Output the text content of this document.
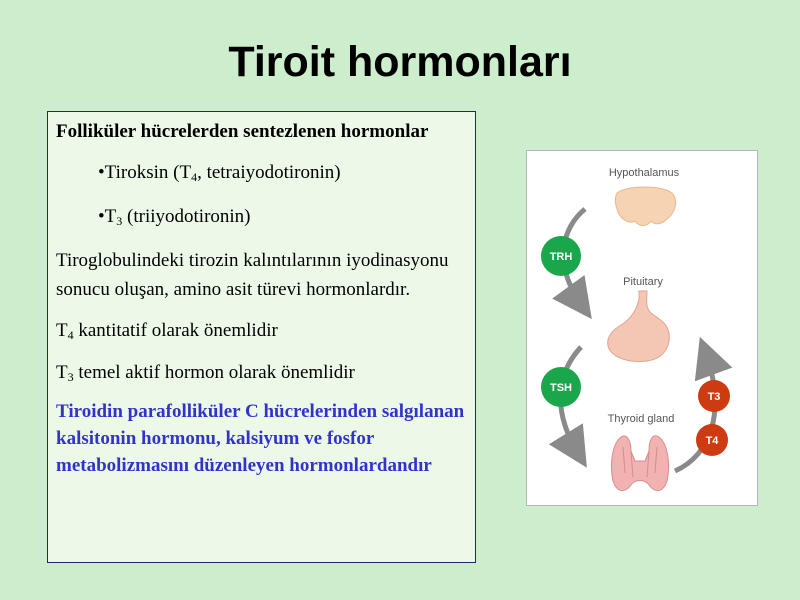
Tiroit hormonları

Folliküler hücrelerden sentezlenen hormonlar

•Tiroksin ($T_4$, tetraiyodotironin)

$•T_3$ (triiyodotironin)

Tiroglobulindeki tirozin kalıntılarının iyodinasyonu sonucu oluşan, amino asit türevi hormonlardır.

$T_4$ kantitatif olarak önemlidir

$T_3$ temel aktif hormon olarak önemlidir

Tiroidin parafolliküler C hücrelerinden salgılanan kalsitonin hormonu, kalsiyum ve fosfor metabolizmasını düzenleyen hormonlardandır

Hypothalamus
Pituitary
Thyroid gland
TRH
TSH
T3
T4
